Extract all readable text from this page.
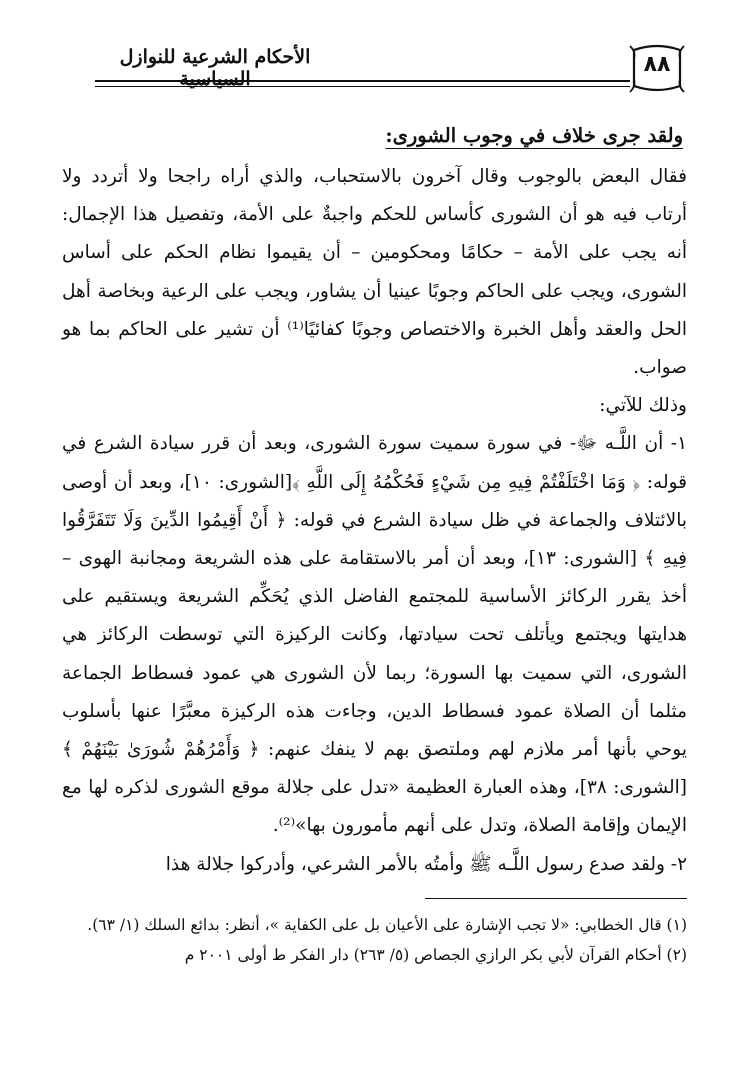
٨٨
الأحكام الشرعية للنوازل السياسية
ولقد جرى خلاف في وجوب الشورى:

فقال البعض بالوجوب وقال آخرون بالاستحباب، والذي أراه راجحا ولا أتردد ولا أرتاب فيه هو أن الشورى كأساس للحكم واجبةٌ على الأمة، وتفصيل هذا الإجمال: أنه يجب على الأمة – حكامًا ومحكومين – أن يقيموا نظام الحكم على أساس الشورى، ويجب على الحاكم وجوبًا عينيا أن يشاور، ويجب على الرعية وبخاصة أهل الحل والعقد وأهل الخبرة والاختصاص وجوبًا كفائيًا⁽¹⁾ أن تشير على الحاكم بما هو صواب.

وذلك للآتي:

١- أن اللَّـه ﷻ- في سورة سميت سورة الشورى، وبعد أن قرر سيادة الشرع في قوله: ﴿ وَمَا اخْتَلَفْتُمْ فِيهِ مِن شَيْءٍ فَحُكْمُهُ إِلَى اللَّهِ ﴾[الشورى: ١٠]، وبعد أن أوصى بالائتلاف والجماعة في ظل سيادة الشرع في قوله: ﴿ أَنْ أَقِيمُوا الدِّينَ وَلَا تَتَفَرَّقُوا فِيهِ ﴾ [الشورى: ١٣]، وبعد أن أمر بالاستقامة على هذه الشريعة ومجانبة الهوى – أخذ يقرر الركائز الأساسية للمجتمع الفاضل الذي يُحَكِّم الشريعة ويستقيم على هدايتها ويجتمع ويأتلف تحت سيادتها، وكانت الركيزة التي توسطت الركائز هي الشورى، التي سميت بها السورة؛ ربما لأن الشورى هي عمود فسطاط الجماعة مثلما أن الصلاة عمود فسطاط الدين، وجاءت هذه الركيزة معبَّرًا عنها بأسلوب يوحي بأنها أمر ملازم لهم وملتصق بهم لا ينفك عنهم: ﴿ وَأَمْرُهُمْ شُورَىٰ بَيْنَهُمْ ﴾ [الشورى: ٣٨]، وهذه العبارة العظيمة «تدل على جلالة موقع الشورى لذكره لها مع الإيمان وإقامة الصلاة، وتدل على أنهم مأمورون بها»⁽²⁾.

٢- ولقد صدع رسول اللَّـه ﷺ وأمتُه بالأمر الشرعي، وأدركوا جلالة هذا

(١) قال الخطابي: «لا تجب الإشارة على الأعيان بل على الكفاية »، أنظر: بدائع السلك (١/ ٦٣).

(٢) أحكام القرآن لأبي بكر الرازي الجصاص (٥/ ٢٦٣) دار الفكر ط أولى ٢٠٠١ م
